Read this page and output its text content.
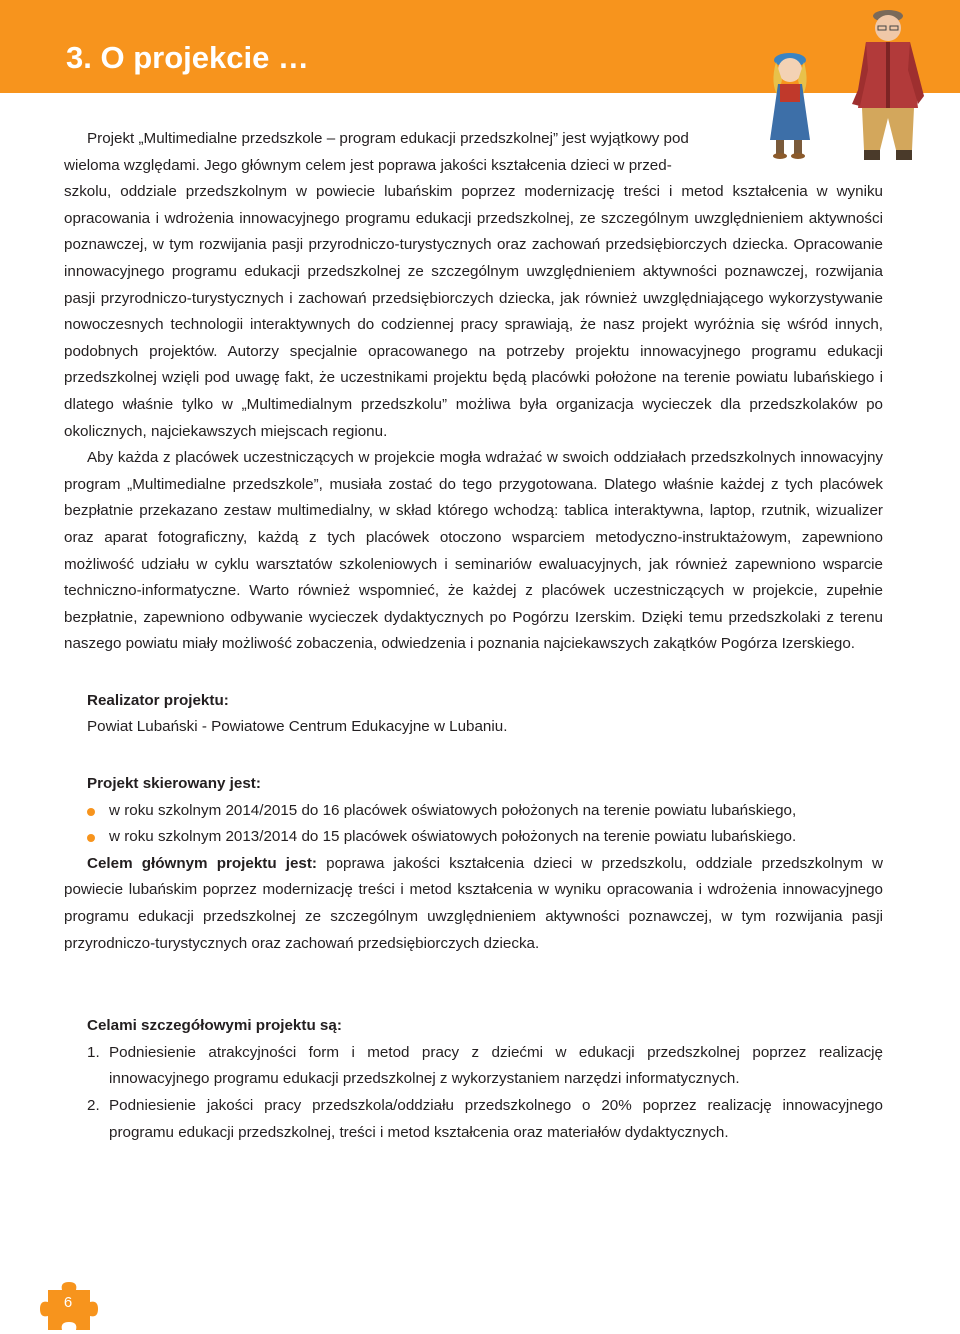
3. O projekcie …

Projekt „Multimedialne przedszkole – program edukacji przedszkolnej” jest wyjątkowy pod

wieloma względami. Jego głównym celem jest poprawa jakości kształcenia dzieci w przed-
szkolu, oddziale przedszkolnym w powiecie lubańskim poprzez modernizację treści i metod kształcenia w wyniku opracowania i wdrożenia innowacyjnego programu edukacji przedszkolnej, ze szczególnym uwzględnieniem aktywności poznawczej, w tym rozwijania pasji przyrodniczo-turystycznych oraz zachowań przedsiębiorczych dziecka. Opracowanie innowacyjnego programu edukacji przedszkolnej ze szczególnym uwzględnieniem aktywności poznawczej, rozwijania pasji przyrodniczo-turystycznych i zachowań przedsiębiorczych dziecka, jak również uwzględniającego wykorzystywanie nowoczesnych technologii interaktywnych do codziennej pracy sprawiają, że nasz projekt wyróżnia się wśród innych, podobnych projektów. Autorzy specjalnie opracowanego na potrzeby projektu innowacyjnego programu edukacji przedszkolnej wzięli pod uwagę fakt, że uczestnikami projektu będą placówki położone na terenie powiatu lubańskiego i dlatego właśnie tylko w „Multimedialnym przedszkolu” możliwa była organizacja wycieczek dla przedszkolaków po okolicznych, najciekawszych miejscach regionu.

Aby każda z placówek uczestniczących w projekcie mogła wdrażać w swoich oddziałach przedszkolnych innowacyjny program „Multimedialne przedszkole”, musiała zostać do tego przygotowana. Dlatego właśnie każdej z tych placówek bezpłatnie przekazano zestaw multimedialny, w skład którego wchodzą: tablica interaktywna, laptop, rzutnik, wizualizer oraz aparat fotograficzny, każdą z tych placówek otoczono wsparciem metodyczno-instruktażowym, zapewniono możliwość udziału w cyklu warsztatów szkoleniowych i seminariów ewaluacyjnych, jak również zapewniono wsparcie techniczno-informatyczne. Warto również wspomnieć, że każdej z placówek uczestniczących w projekcie, zupełnie bezpłatnie, zapewniono odbywanie wycieczek dydaktycznych po Pogórzu Izerskim. Dzięki temu przedszkolaki z terenu naszego powiatu miały możliwość zobaczenia, odwiedzenia i poznania najciekawszych zakątków Pogórza Izerskiego.

Realizator projektu:
Powiat Lubański - Powiatowe Centrum Edukacyjne w Lubaniu.
Projekt skierowany jest:
w roku szkolnym 2014/2015 do 16 placówek oświatowych położonych na terenie powiatu lubańskiego,
w roku szkolnym 2013/2014 do 15 placówek oświatowych położonych na terenie powiatu lubańskiego.

Celem głównym projektu jest: poprawa jakości kształcenia dzieci w przedszkolu, oddziale przedszkolnym w powiecie lubańskim poprzez modernizację treści i metod kształcenia w wyniku opracowania i wdrożenia innowacyjnego programu edukacji przedszkolnej ze szczególnym uwzględnieniem aktywności poznawczej, w tym rozwijania pasji przyrodniczo-turystycznych oraz zachowań przedsiębiorczych dziecka.

Celami szczegółowymi projektu są:
1. Podniesienie atrakcyjności form i metod pracy z dziećmi w edukacji przedszkolnej poprzez realizację innowacyjnego programu edukacji przedszkolnej z wykorzystaniem narzędzi informatycznych.
2. Podniesienie jakości pracy przedszkola/oddziału przedszkolnego o 20% poprzez realizację innowacyjnego programu edukacji przedszkolnej, treści i metod kształcenia oraz materiałów dydaktycznych.
6
